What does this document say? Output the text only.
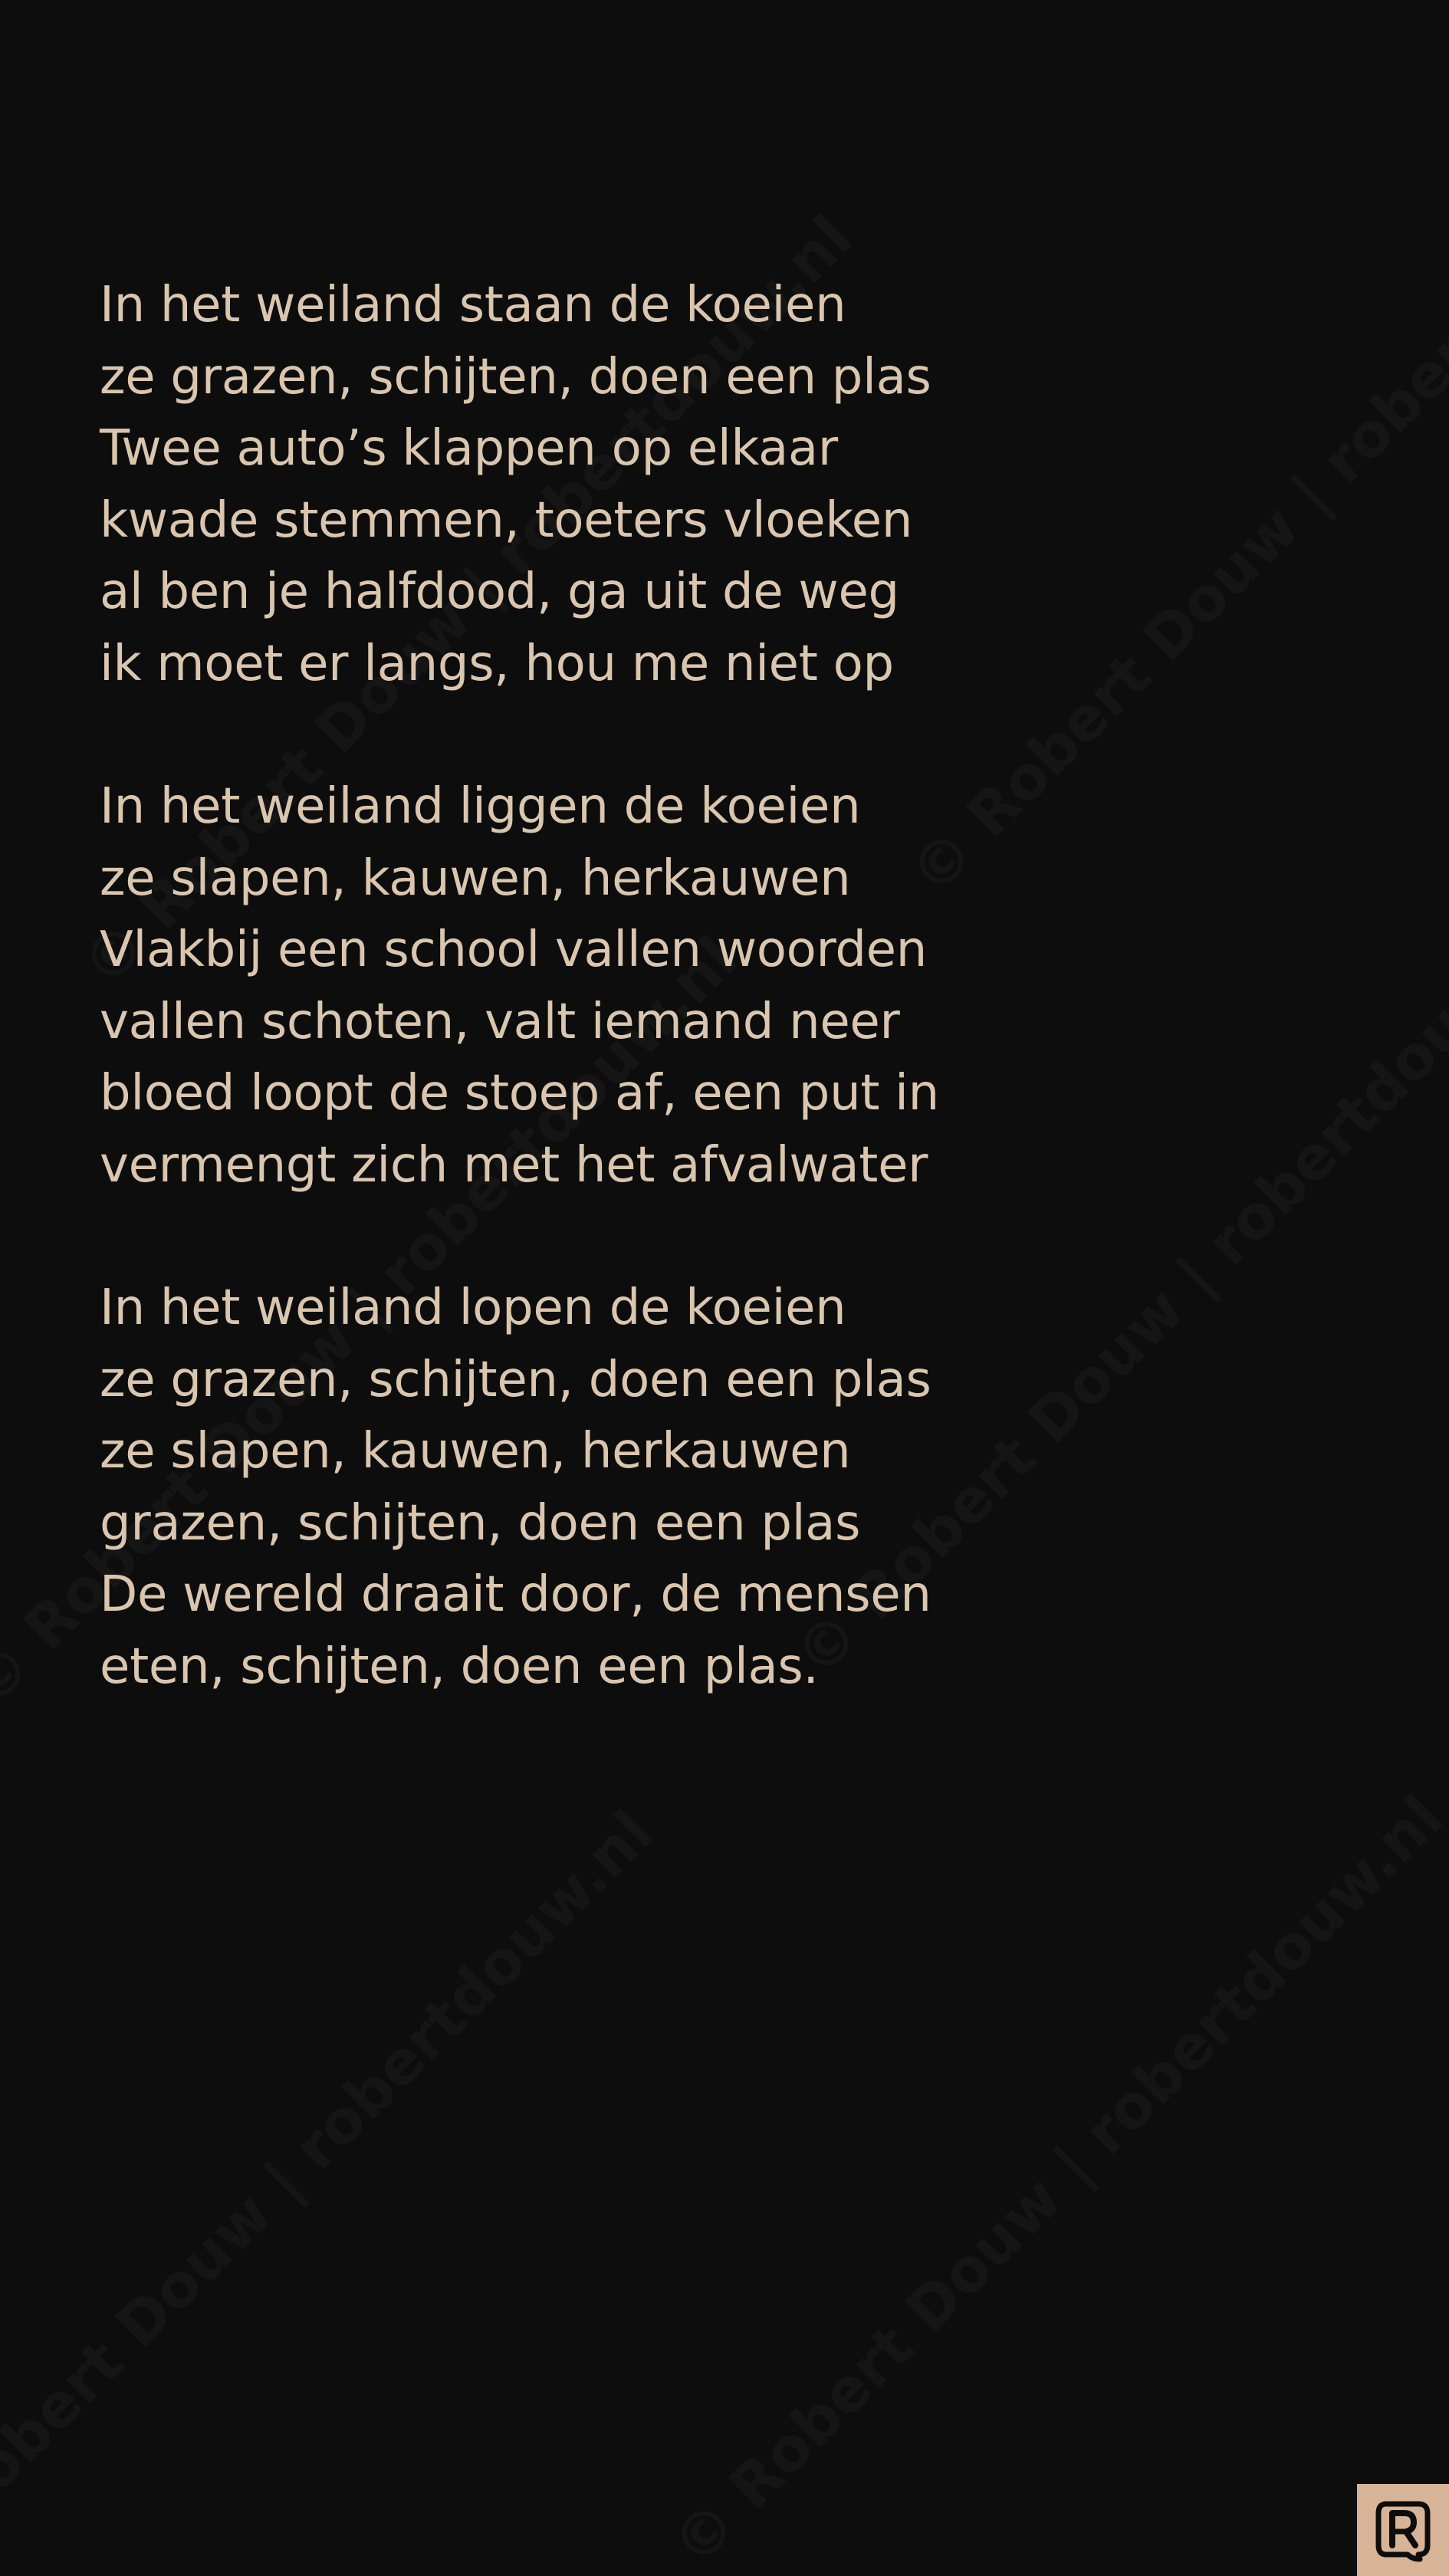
In het weiland staan de koeien
ze grazen, schijten, doen een plas
Twee auto’s klappen op elkaar
kwade stemmen, toeters vloeken
al ben je halfdood, ga uit de weg
ik moet er langs, hou me niet op
In het weiland liggen de koeien
ze slapen, kauwen, herkauwen
Vlakbij een school vallen woorden
vallen schoten, valt iemand neer
bloed loopt de stoep af, een put in
vermengt zich met het afvalwater
In het weiland lopen de koeien
ze grazen, schijten, doen een plas
ze slapen, kauwen, herkauwen
grazen, schijten, doen een plas
De wereld draait door, de mensen
eten, schijten, doen een plas.
